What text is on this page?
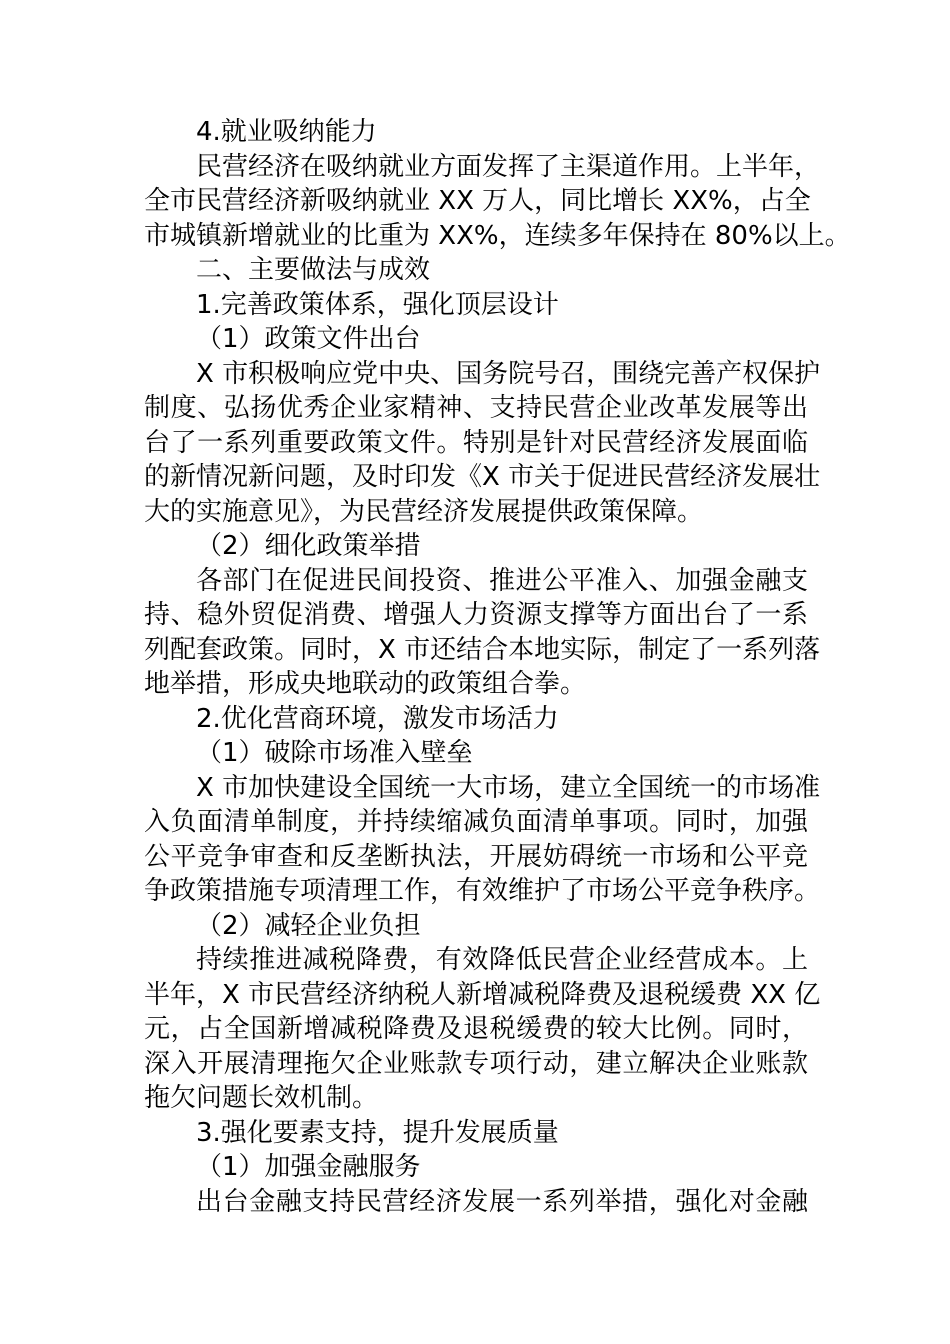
4.就业吸纳能力
民营经济在吸纳就业方面发挥了主渠道作用。上半年，
全市民营经济新吸纳就业 XX 万人，同比增长 XX%，占全
市城镇新增就业的比重为 XX%，连续多年保持在 80%以上。
二、主要做法与成效
1.完善政策体系，强化顶层设计
（1）政策文件出台
X 市积极响应党中央、国务院号召，围绕完善产权保护
制度、弘扬优秀企业家精神、支持民营企业改革发展等出
台了一系列重要政策文件。特别是针对民营经济发展面临
的新情况新问题，及时印发《X 市关于促进民营经济发展壮
大的实施意见》，为民营经济发展提供政策保障。
（2）细化政策举措
各部门在促进民间投资、推进公平准入、加强金融支
持、稳外贸促消费、增强人力资源支撑等方面出台了一系
列配套政策。同时，X 市还结合本地实际，制定了一系列落
地举措，形成央地联动的政策组合拳。
2.优化营商环境，激发市场活力
（1）破除市场准入壁垒
X 市加快建设全国统一大市场，建立全国统一的市场准
入负面清单制度，并持续缩减负面清单事项。同时，加强
公平竞争审查和反垄断执法，开展妨碍统一市场和公平竞
争政策措施专项清理工作，有效维护了市场公平竞争秩序。
（2）减轻企业负担
持续推进减税降费，有效降低民营企业经营成本。上
半年，X 市民营经济纳税人新增减税降费及退税缓费 XX 亿
元，占全国新增减税降费及退税缓费的较大比例。同时，
深入开展清理拖欠企业账款专项行动，建立解决企业账款
拖欠问题长效机制。
3.强化要素支持，提升发展质量
（1）加强金融服务
出台金融支持民营经济发展一系列举措，强化对金融
